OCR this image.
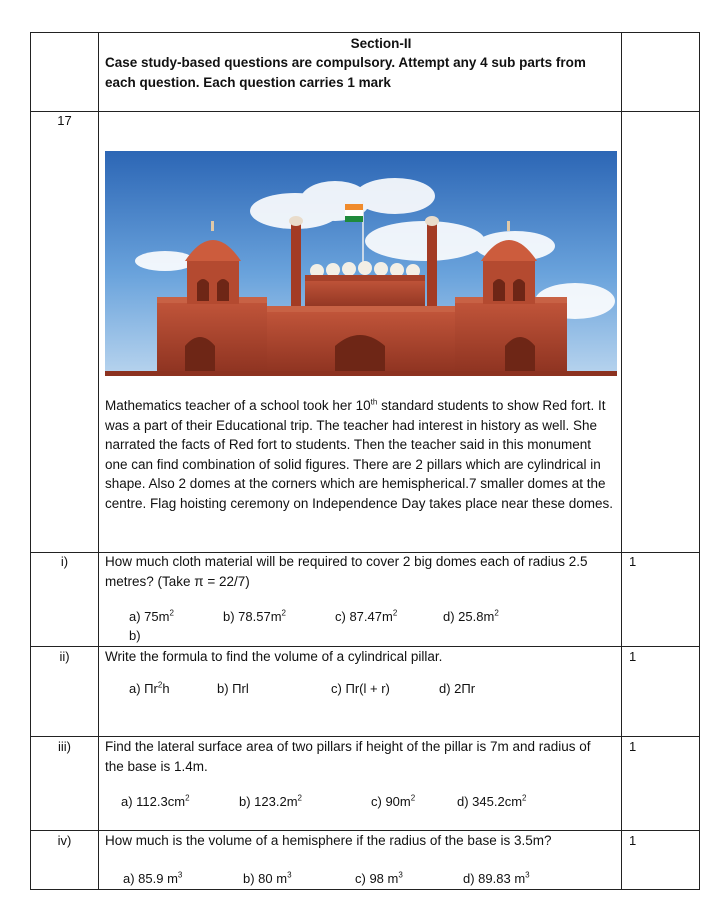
Section-II
Case study-based questions are compulsory. Attempt any 4 sub parts from each question. Each question carries 1 mark
17
Mathematics teacher of a school took her 10th standard students to show Red fort. It was a part of their Educational trip. The teacher had interest in history as well. She narrated the facts of Red fort to students. Then the teacher said in this monument one can find combination of solid figures. There are 2 pillars which are cylindrical in shape. Also 2 domes at the corners which are hemispherical.7 smaller domes at the centre. Flag hoisting ceremony on Independence Day takes place near these domes.
i)	1
How much cloth material will be required to cover 2 big domes each of radius 2.5 metres? (Take π = 22/7)
a) $75m^2$	b) $78.57m^2$	c) $87.47m^2$	d) $25.8m^2$
b)
ii)	1
Write the formula to find the volume of a cylindrical pillar.
a) $\Pi r^2h$	b) Πrl	c) Πr(l + r)	d) 2Πr
iii)	1
Find the lateral surface area of two pillars if height of the pillar is 7m and radius of the base is 1.4m.
a) $112.3cm^2$	b) $123.2m^2$	c) $90m^2$	d) $345.2cm^2$
iv)	1
How much is the volume of a hemisphere if the radius of the base is 3.5m?
a) 85.9 $m^3$	b) 80 $m^3$	c) 98 $m^3$	d) 89.83 $m^3$
